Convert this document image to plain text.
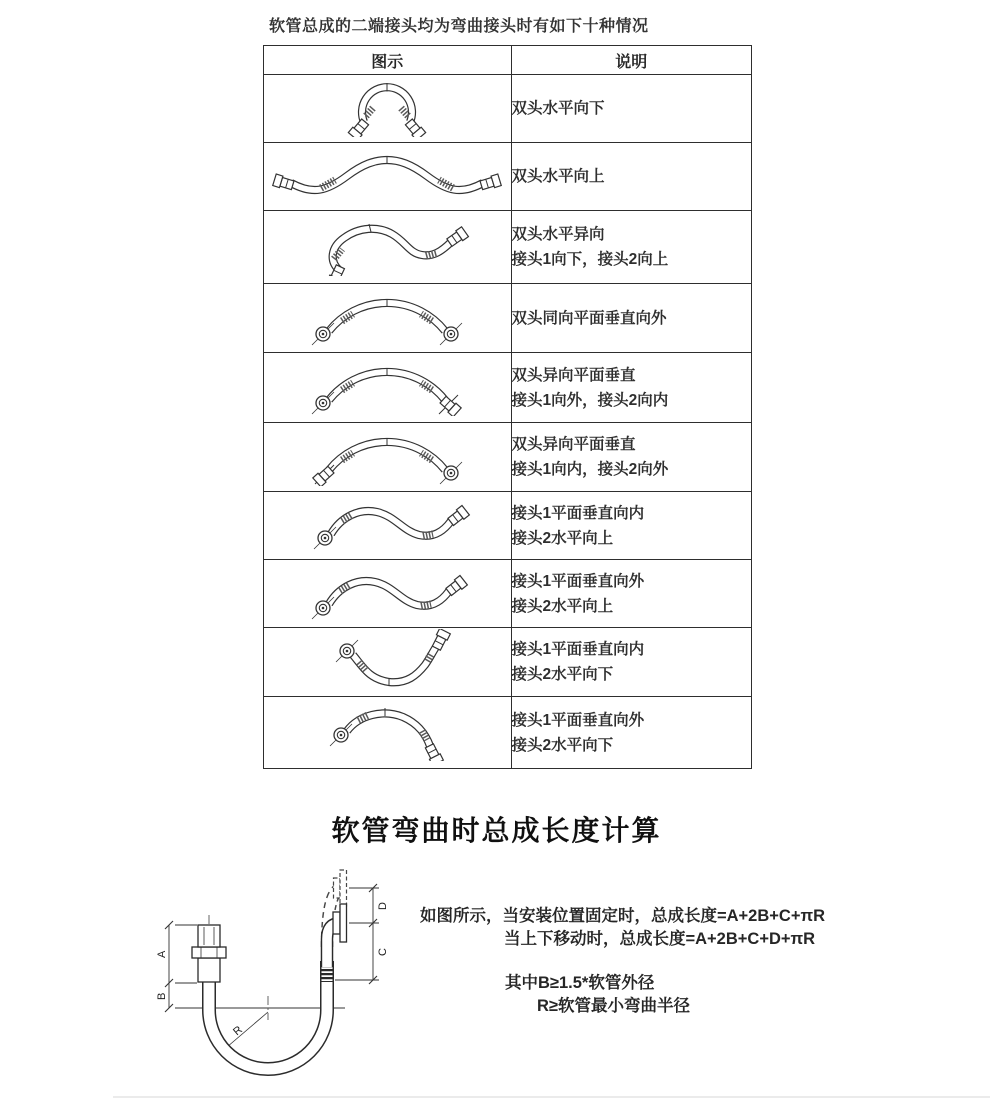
软管总成的二端接头均为弯曲接头时有如下十种情况
图示	说明

双头水平向下

双头水平向上

双头水平异向
接头1向下，接头2向上

双头同向平面垂直向外

双头异向平面垂直
接头1向外，接头2向内

双头异向平面垂直
接头1向内，接头2向外

接头1平面垂直向内
接头2水平向上

接头1平面垂直向外
接头2水平向上

接头1平面垂直向内
接头2水平向下

接头1平面垂直向外
接头2水平向下
软管弯曲时总成长度计算
如图所示，当安装位置固定时，总成长度=A+2B+C+πR
当上下移动时，总成长度=A+2B+C+D+πR
其中B≥1.5*软管外径
R≥软管最小弯曲半径
R
A
B
D
C
